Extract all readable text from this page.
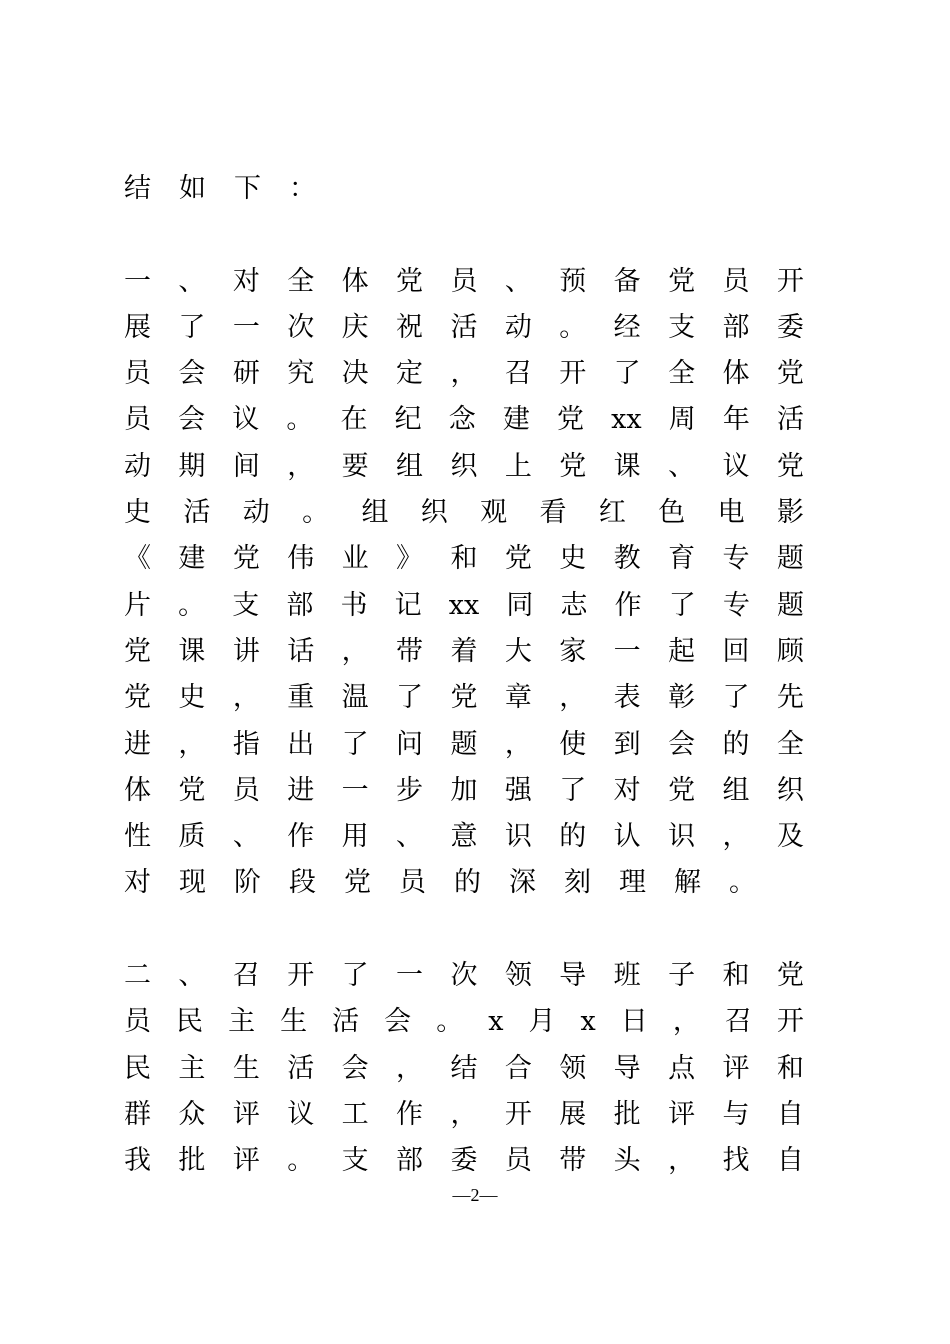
结 如 下 ：
一 、 对 全 体 党 员 、 预 备 党 员 开
展 了 一 次 庆 祝 活 动 。 经 支 部 委
员 会 研 究 决 定 ， 召 开 了 全 体 党
员 会 议 。 在 纪 念 建 党 xx 周 年 活
动 期 间 ， 要 组 织 上 党 课 、 议 党
史 活 动 。 组 织 观 看 红 色 电 影
《 建 党 伟 业 》 和 党 史 教 育 专 题
片 。 支 部 书 记 xx 同 志 作 了 专 题
党 课 讲 话 ， 带 着 大 家 一 起 回 顾
党 史 ， 重 温 了 党 章 ， 表 彰 了 先
进 ， 指 出 了 问 题 ， 使 到 会 的 全
体 党 员 进 一 步 加 强 了 对 党 组 织
性 质 、 作 用 、 意 识 的 认 识 ， 及
对 现 阶 段 党 员 的 深 刻 理 解 。
二 、 召 开 了 一 次 领 导 班 子 和 党
员 民 主 生 活 会 。 x 月 x 日 ， 召 开
民 主 生 活 会 ， 结 合 领 导 点 评 和
群 众 评 议 工 作 ， 开 展 批 评 与 自
我 批 评 。 支 部 委 员 带 头 ， 找 自
—2—
